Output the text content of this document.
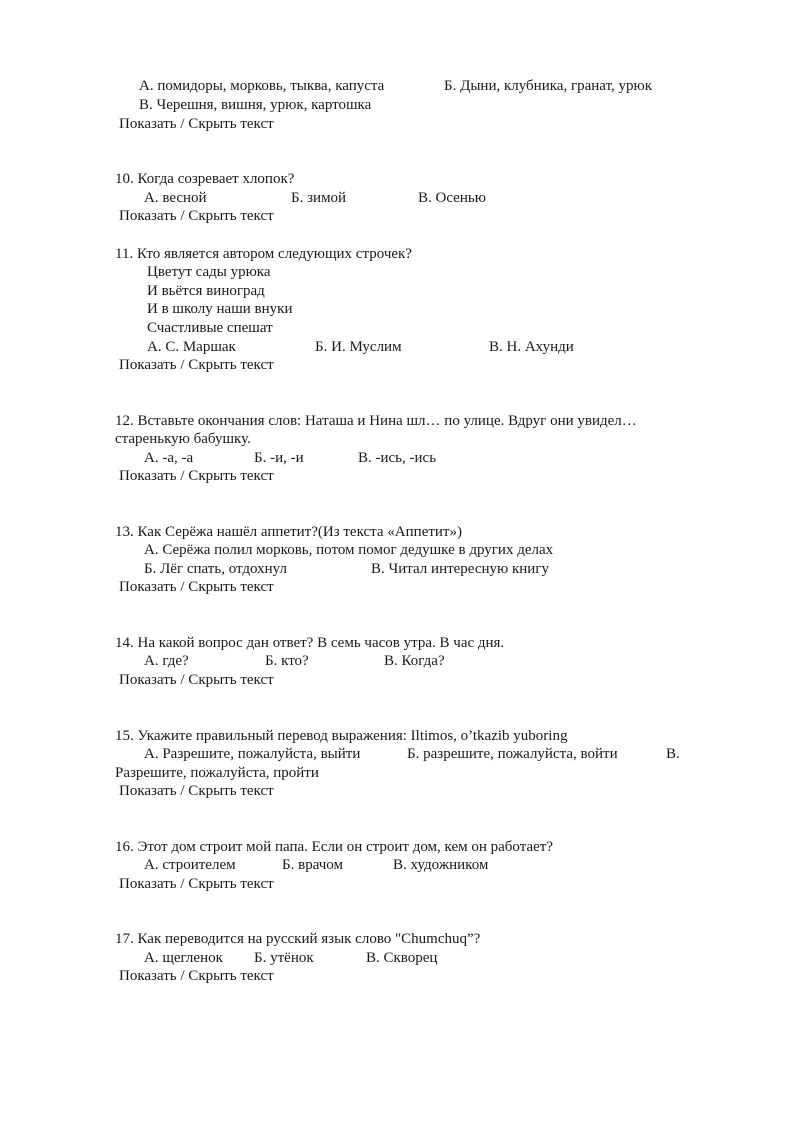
А. помидоры, морковь, тыква, капуста	Б. Дыни, клубника, гранат, урюк
В. Черешня, вишня, урюк, картошка
Показать / Скрыть текст
10. Когда созревает хлопок?
А. весной	Б. зимой	В. Осенью
Показать / Скрыть текст
11. Кто является автором следующих строчек?
Цветут сады урюка
И вьётся виноград
И в школу наши внуки
Счастливые спешат
А. С. Маршак	Б. И. Муслим	В. Н. Ахунди
Показать / Скрыть текст
12. Вставьте окончания слов: Наташа и Нина шл… по улице. Вдруг они увидел…
старенькую бабушку.
А. -а, -а	Б. -и, -и	В. -ись, -ись
Показать / Скрыть текст
13. Как Серёжа нашёл аппетит?(Из текста «Аппетит»)
А. Серёжа полил морковь, потом помог дедушке в других делах
Б. Лёг спать, отдохнул	В. Читал интересную книгу
Показать / Скрыть текст
14. На какой вопрос дан ответ? В семь часов утра. В час дня.
А. где?	Б. кто?	В. Когда?
Показать / Скрыть текст
15. Укажите правильный перевод выражения: Iltimos, o’tkazib yuboring
А. Разрешите, пожалуйста, выйти	Б. разрешите, пожалуйста, войти	В.
Разрешите, пожалуйста, пройти
Показать / Скрыть текст
16. Этот дом строит мой папа. Если он строит дом, кем он работает?
А. строителем	Б. врачом	В. художником
Показать / Скрыть текст
17. Как переводится на русский язык слово "Chumchuq”?
А. щегленок Б. утёнок	В. Скворец
Показать / Скрыть текст
